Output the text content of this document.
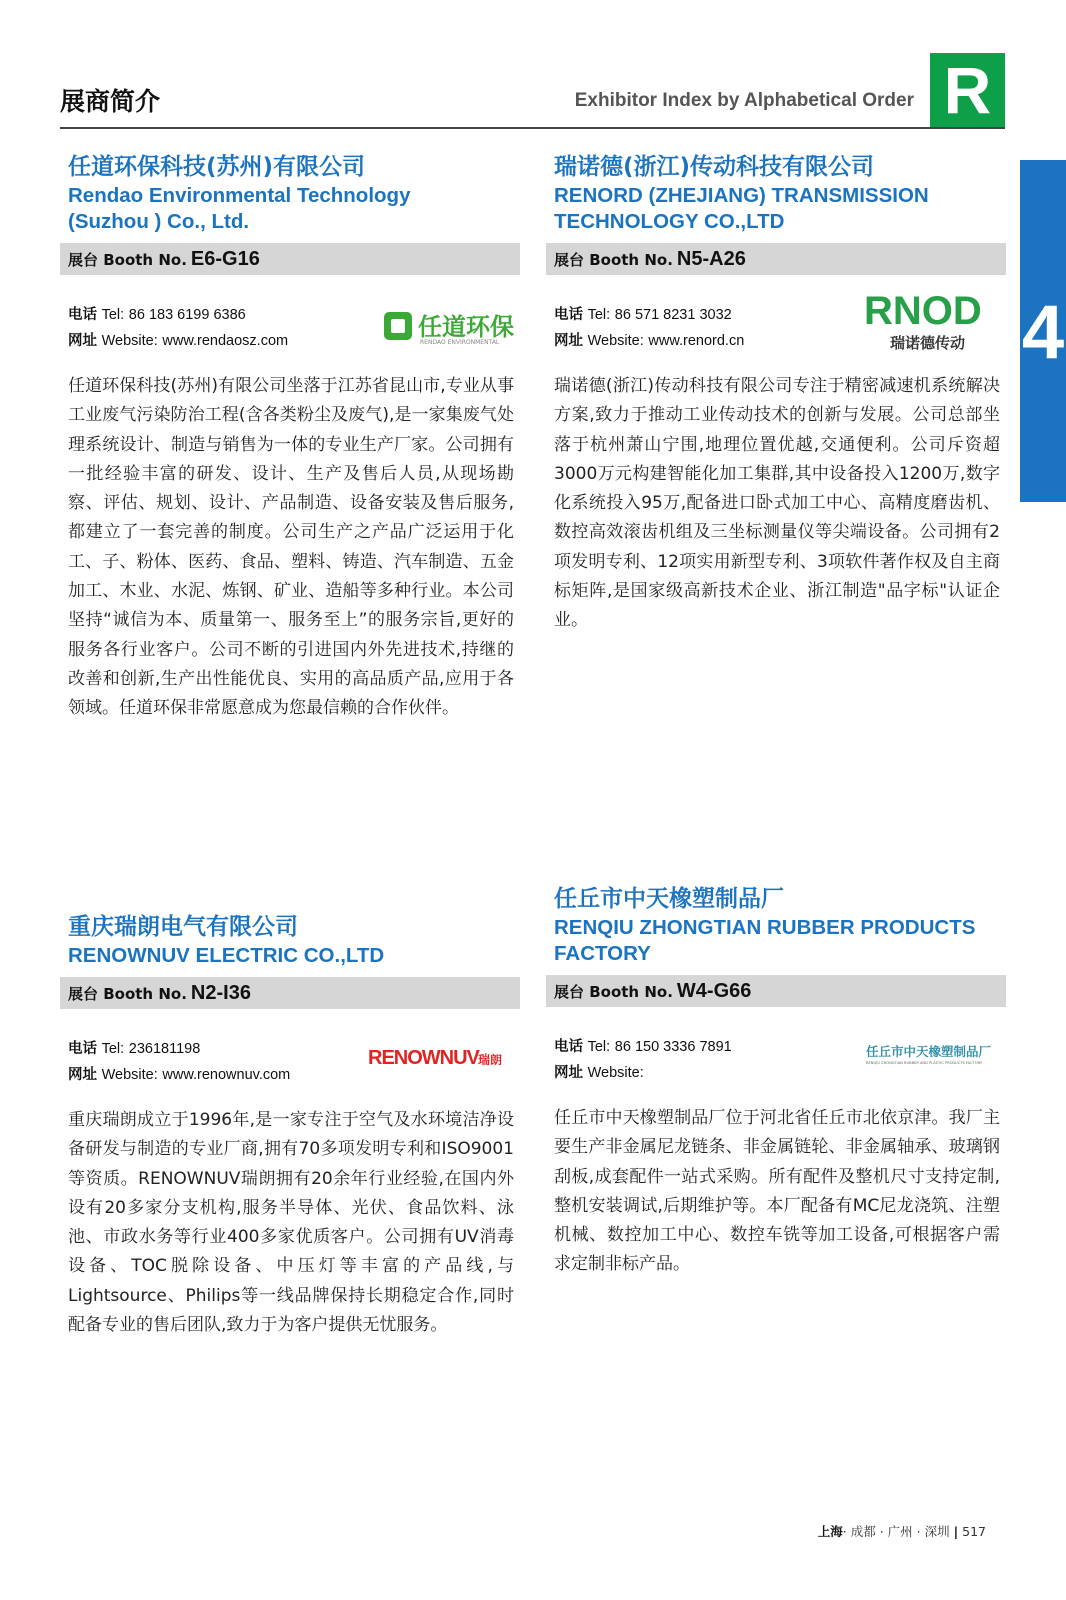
展商简介	Exhibitor Index by Alphabetical Order R
4
任道环保科技(苏州)有限公司
Rendao Environmental Technology
(Suzhou ) Co., Ltd.
展台 Booth No. E6-G16
电话 Tel: 86 183 6199 6386
网址 Website: www.rendaosz.com	任道环保
RENDAO ENVIRONMENTAL
任道环保科技(苏州)有限公司坐落于江苏省昆山市,专业从事工业废气污染防治工程(含各类粉尘及废气),是一家集废气处理系统设计、制造与销售为一体的专业生产厂家。公司拥有一批经验丰富的研发、设计、生产及售后人员,从现场勘察、评估、规划、设计、产品制造、设备安装及售后服务,都建立了一套完善的制度。公司生产之产品广泛运用于化工、子、粉体、医药、食品、塑料、铸造、汽车制造、五金加工、木业、水泥、炼钢、矿业、造船等多种行业。本公司坚持“诚信为本、质量第一、服务至上”的服务宗旨,更好的服务各行业客户。公司不断的引进国内外先进技术,持继的改善和创新,生产出性能优良、实用的高品质产品,应用于各领域。任道环保非常愿意成为您最信赖的合作伙伴。
瑞诺德(浙江)传动科技有限公司
RENORD (ZHEJIANG) TRANSMISSION
TECHNOLOGY CO.,LTD
展台 Booth No. N5-A26
电话 Tel: 86 571 8231 3032
网址 Website: www.renord.cn
RNOD
瑞诺德传动
瑞诺德(浙江)传动科技有限公司专注于精密减速机系统解决方案,致力于推动工业传动技术的创新与发展。公司总部坐落于杭州萧山宁围,地理位置优越,交通便利。公司斥资超3000万元构建智能化加工集群,其中设备投入1200万,数字化系统投入95万,配备进口卧式加工中心、高精度磨齿机、数控高效滚齿机组及三坐标测量仪等尖端设备。公司拥有2项发明专利、12项实用新型专利、3项软件著作权及自主商标矩阵,是国家级高新技术企业、浙江制造"品字标"认证企业。
重庆瑞朗电气有限公司
RENOWNUV ELECTRIC CO.,LTD
展台 Booth No. N2-I36
电话 Tel: 236181198
网址 Website: www.renownuv.com
RENOWNUV 瑞朗
重庆瑞朗成立于1996年,是一家专注于空气及水环境洁净设备研发与制造的专业厂商,拥有70多项发明专利和ISO9001等资质。RENOWNUV瑞朗拥有20余年行业经验,在国内外设有20多家分支机构,服务半导体、光伏、食品饮料、泳池、市政水务等行业400多家优质客户。公司拥有UV消毒设备、TOC脱除设备、中压灯等丰富的产品线,与Lightsource、Philips等一线品牌保持长期稳定合作,同时配备专业的售后团队,致力于为客户提供无忧服务。
任丘市中天橡塑制品厂
RENQIU ZHONGTIAN RUBBER PRODUCTS
FACTORY
展台 Booth No. W4-G66
电话 Tel: 86 150 3336 7891
网址 Website:
任丘市中天橡塑制品厂
RENQIU ZHONGTIAN RUBBER AND PLASTIC PRODUCTS FACTORY
任丘市中天橡塑制品厂位于河北省任丘市北依京津。我厂主要生产非金属尼龙链条、非金属链轮、非金属轴承、玻璃钢刮板,成套配件一站式采购。所有配件及整机尺寸支持定制,整机安装调试,后期维护等。本厂配备有MC尼龙浇筑、注塑机械、数控加工中心、数控车铣等加工设备,可根据客户需求定制非标产品。
上海· 成都 · 广州 · 深圳 | 517
